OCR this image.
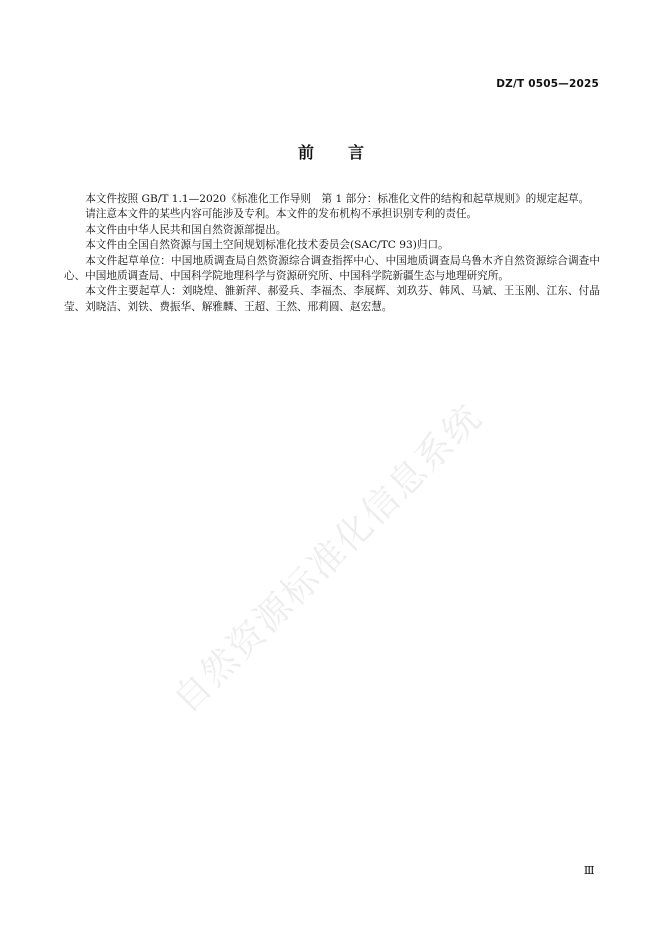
DZ/T 0505—2025
前言

本文件按照 GB/T 1.1—2020《标准化工作导则　第 1 部分：标准化文件的结构和起草规则》的规定起草。

请注意本文件的某些内容可能涉及专利。本文件的发布机构不承担识别专利的责任。

本文件由中华人民共和国自然资源部提出。

本文件由全国自然资源与国土空间规划标准化技术委员会(SAC/TC 93)归口。

本文件起草单位：中国地质调查局自然资源综合调查指挥中心、中国地质调查局乌鲁木齐自然资源综合调查中心、中国地质调查局、中国科学院地理科学与资源研究所、中国科学院新疆生态与地理研究所。

本文件主要起草人：刘晓煌、雒新萍、郝爱兵、李福杰、李展辉、刘玖芬、韩风、马斌、王玉刚、江东、付晶莹、刘晓洁、刘铁、费振华、解雅麟、王超、王然、邢莉圆、赵宏慧。

自然资源标准化信息系统
Ⅲ
